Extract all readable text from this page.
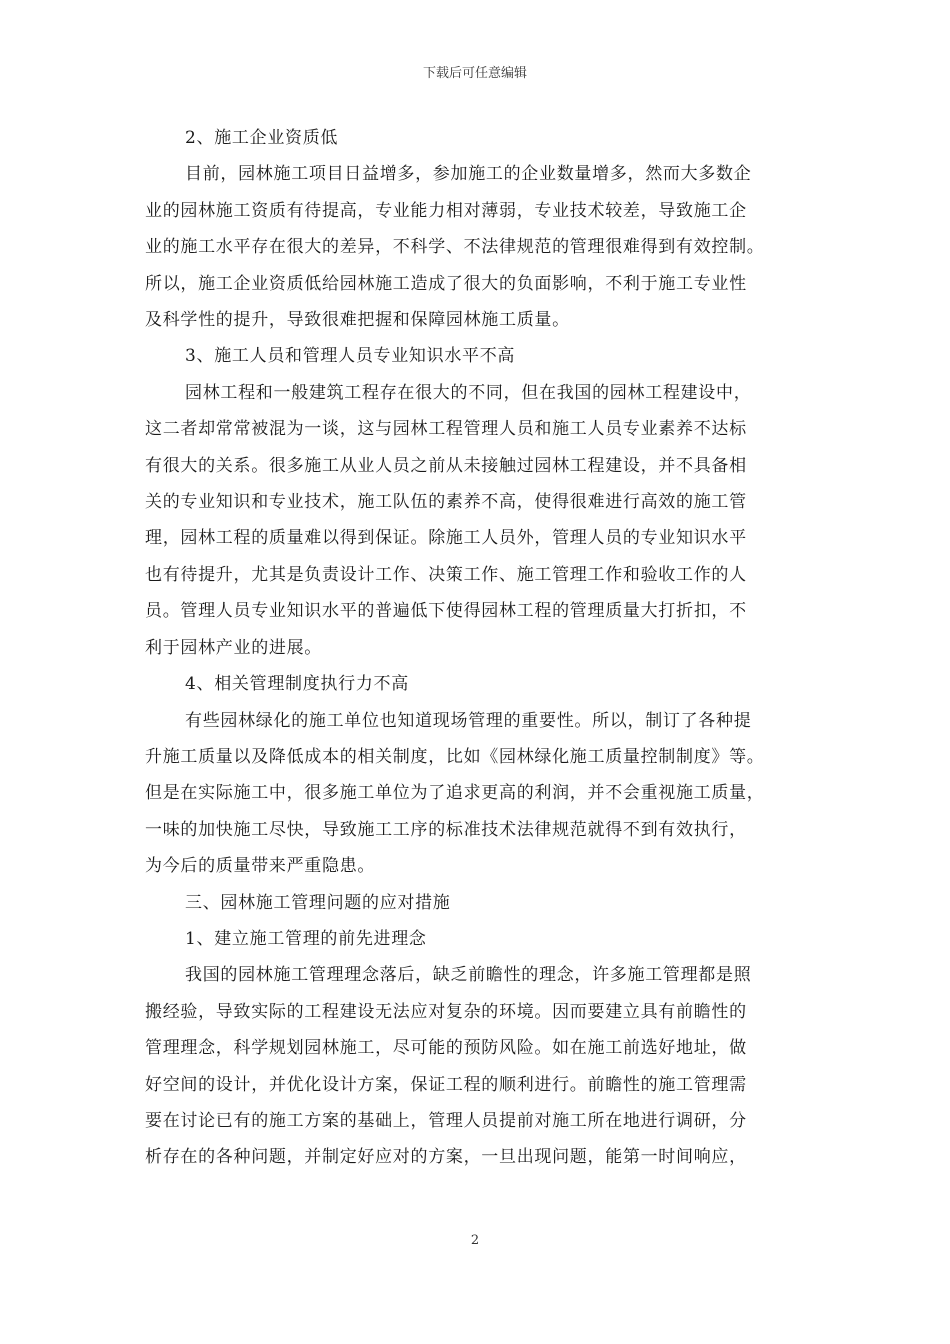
下载后可任意编辑

2、施工企业资质低

目前，园林施工项目日益增多，参加施工的企业数量增多，然而大多数企
业的园林施工资质有待提高，专业能力相对薄弱，专业技术较差，导致施工企
业的施工水平存在很大的差异，不科学、不法律规范的管理很难得到有效控制。
所以，施工企业资质低给园林施工造成了很大的负面影响，不利于施工专业性
及科学性的提升，导致很难把握和保障园林施工质量。

3、施工人员和管理人员专业知识水平不高

园林工程和一般建筑工程存在很大的不同，但在我国的园林工程建设中，
这二者却常常被混为一谈，这与园林工程管理人员和施工人员专业素养不达标
有很大的关系。很多施工从业人员之前从未接触过园林工程建设，并不具备相
关的专业知识和专业技术，施工队伍的素养不高，使得很难进行高效的施工管
理，园林工程的质量难以得到保证。除施工人员外，管理人员的专业知识水平
也有待提升，尤其是负责设计工作、决策工作、施工管理工作和验收工作的人
员。管理人员专业知识水平的普遍低下使得园林工程的管理质量大打折扣，不
利于园林产业的进展。

4、相关管理制度执行力不高

有些园林绿化的施工单位也知道现场管理的重要性。所以，制订了各种提
升施工质量以及降低成本的相关制度，比如《园林绿化施工质量控制制度》等。
但是在实际施工中，很多施工单位为了追求更高的利润，并不会重视施工质量，
一味的加快施工尽快，导致施工工序的标准技术法律规范就得不到有效执行，
为今后的质量带来严重隐患。

三、园林施工管理问题的应对措施

1、建立施工管理的前先进理念

我国的园林施工管理理念落后，缺乏前瞻性的理念，许多施工管理都是照
搬经验，导致实际的工程建设无法应对复杂的环境。因而要建立具有前瞻性的
管理理念，科学规划园林施工，尽可能的预防风险。如在施工前选好地址，做
好空间的设计，并优化设计方案，保证工程的顺利进行。前瞻性的施工管理需
要在讨论已有的施工方案的基础上，管理人员提前对施工所在地进行调研，分
析存在的各种问题，并制定好应对的方案，一旦出现问题，能第一时间响应，

2
